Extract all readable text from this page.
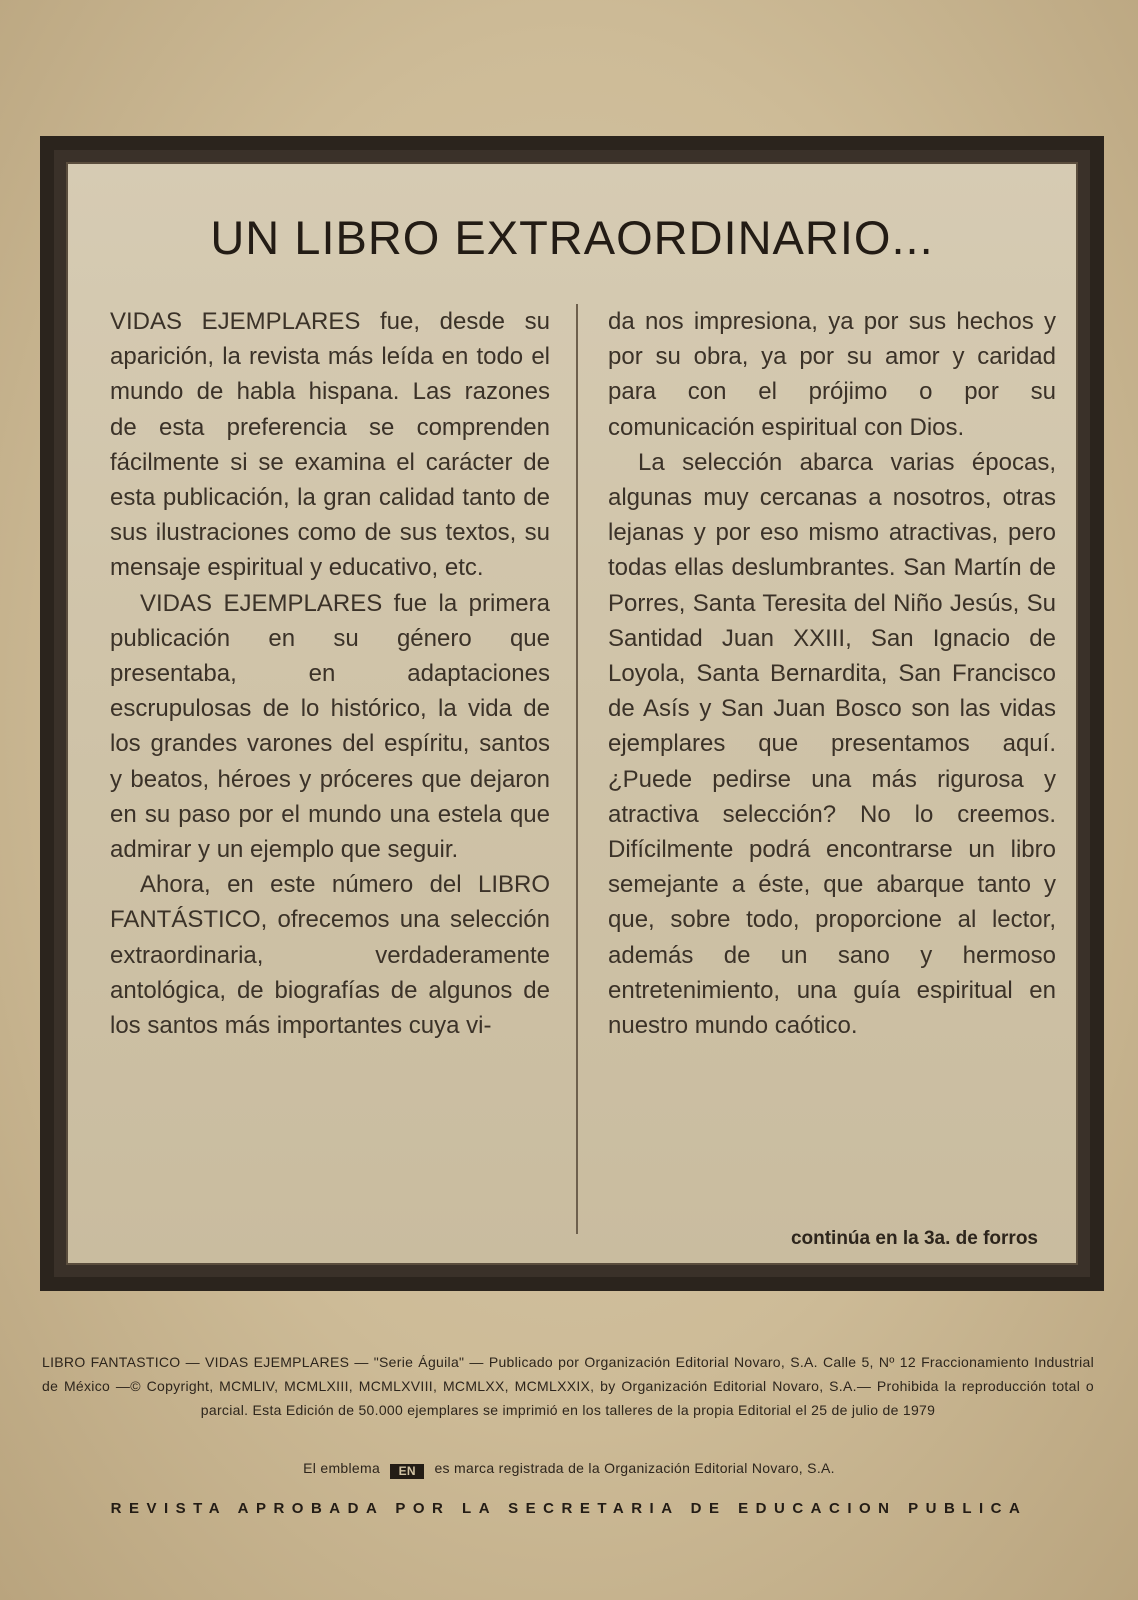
UN LIBRO EXTRAORDINARIO...

VIDAS EJEMPLARES fue, desde su aparición, la revista más leída en todo el mundo de habla hispana. Las razones de esta preferencia se comprenden fácilmente si se examina el carácter de esta publicación, la gran calidad tanto de sus ilustraciones como de sus textos, su mensaje espiritual y educativo, etc.

VIDAS EJEMPLARES fue la primera publicación en su género que presentaba, en adaptaciones escrupulosas de lo histórico, la vida de los grandes varones del espíritu, santos y beatos, héroes y próceres que dejaron en su paso por el mundo una estela que admirar y un ejemplo que seguir.

Ahora, en este número del LIBRO FANTÁSTICO, ofrecemos una selección extraordinaria, verdaderamente antológica, de biografías de algunos de los santos más importantes cuya vi-

da nos impresiona, ya por sus hechos y por su obra, ya por su amor y caridad para con el prójimo o por su comunicación espiritual con Dios.

La selección abarca varias épocas, algunas muy cercanas a nosotros, otras lejanas y por eso mismo atractivas, pero todas ellas deslumbrantes. San Martín de Porres, Santa Teresita del Niño Jesús, Su Santidad Juan XXIII, San Ignacio de Loyola, Santa Bernardita, San Francisco de Asís y San Juan Bosco son las vidas ejemplares que presentamos aquí. ¿Puede pedirse una más rigurosa y atractiva selección? No lo creemos. Difícilmente podrá encontrarse un libro semejante a éste, que abarque tanto y que, sobre todo, proporcione al lector, además de un sano y hermoso entretenimiento, una guía espiritual en nuestro mundo caótico.

continúa en la 3a. de forros
LIBRO FANTASTICO — VIDAS EJEMPLARES — "Serie Águila" — Publicado por Organización Editorial Novaro, S.A. Calle 5, Nº 12 Fraccionamiento Industrial de México —© Copyright, MCMLIV, MCMLXIII, MCMLXVIII, MCMLXX, MCMLXXIX, by Organización Editorial Novaro, S.A.— Prohibida la reproducción total o parcial. Esta Edición de 50.000 ejemplares se imprimió en los talleres de la propia Editorial el 25 de julio de 1979
El emblema EN es marca registrada de la Organización Editorial Novaro, S.A.
REVISTA APROBADA POR LA SECRETARIA DE EDUCACION PUBLICA
